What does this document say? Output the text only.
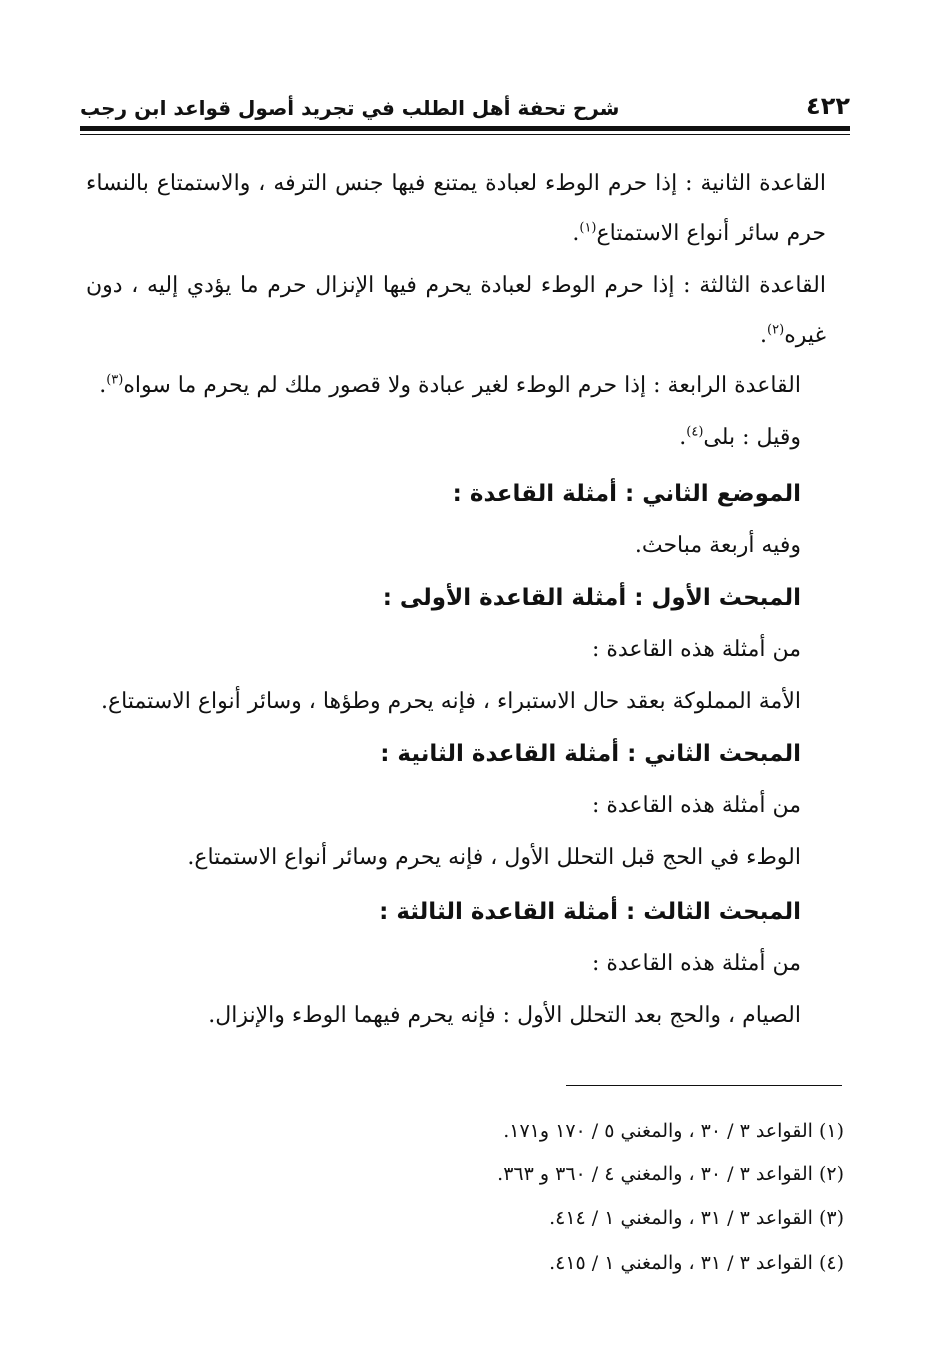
٤٢٢
شرح تحفة أهل الطلب في تجريد أصول قواعد ابن رجب
القاعدة الثانية : إذا حرم الوطء لعبادة يمتنع فيها جنس الترفه ، والاستمتاع بالنساء
حرم سائر أنواع الاستمتاع$^{(١)}$.
القاعدة الثالثة : إذا حرم الوطء لعبادة يحرم فيها الإنزال حرم ما يؤدي إليه ، دون
غيره$^{(٢)}$.
القاعدة الرابعة : إذا حرم الوطء لغير عبادة ولا قصور ملك لم يحرم ما سواه$^{(٣)}$.
وقيل : بلى$^{(٤)}$.
الموضع الثاني : أمثلة القاعدة :
وفيه أربعة مباحث.
المبحث الأول : أمثلة القاعدة الأولى :
من أمثلة هذه القاعدة :
الأمة المملوكة بعقد حال الاستبراء ، فإنه يحرم وطؤها ، وسائر أنواع الاستمتاع.
المبحث الثاني : أمثلة القاعدة الثانية :
من أمثلة هذه القاعدة :
الوطء في الحج قبل التحلل الأول ، فإنه يحرم وسائر أنواع الاستمتاع.
المبحث الثالث : أمثلة القاعدة الثالثة :
من أمثلة هذه القاعدة :
الصيام ، والحج بعد التحلل الأول : فإنه يحرم فيهما الوطء والإنزال.
(١) القواعد ٣ / ٣٠ ، والمغني ٥ / ١٧٠ و١٧١.
(٢) القواعد ٣ / ٣٠ ، والمغني ٤ / ٣٦٠ و ٣٦٣.
(٣) القواعد ٣ / ٣١ ، والمغني ١ / ٤١٤.
(٤) القواعد ٣ / ٣١ ، والمغني ١ / ٤١٥.
